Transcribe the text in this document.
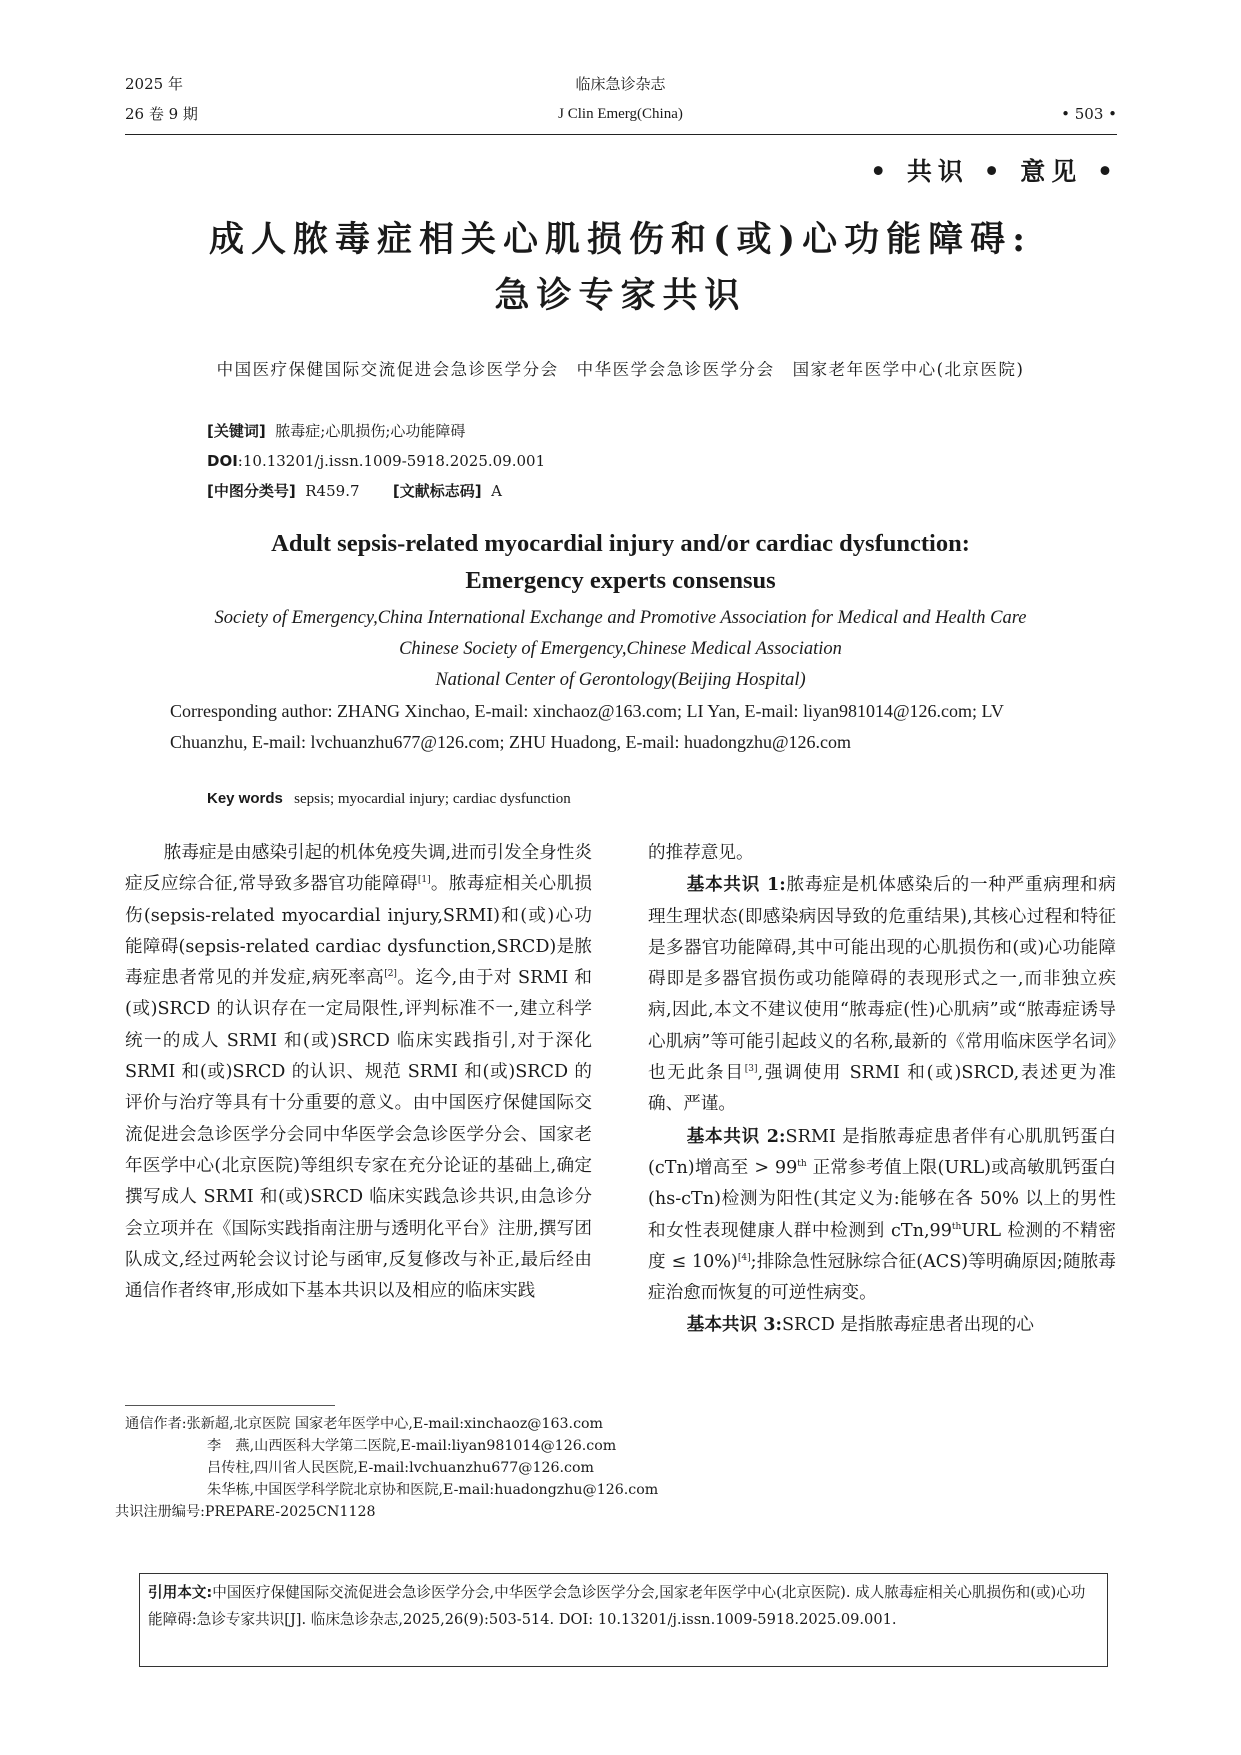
2025 年
26 卷 9 期
临床急诊杂志
J Clin Emerg(China)	• 503 •
• 共识 • 意见 •
成人脓毒症相关心肌损伤和(或)心功能障碍:
急诊专家共识
中国医疗保健国际交流促进会急诊医学分会　中华医学会急诊医学分会　国家老年医学中心(北京医院)
[关键词] 脓毒症;心肌损伤;心功能障碍
DOI:10.13201/j.issn.1009-5918.2025.09.001
[中图分类号] R459.7 [文献标志码] A
Adult sepsis-related myocardial injury and/or cardiac dysfunction:
Emergency experts consensus
Society of Emergency,China International Exchange and Promotive Association for Medical and Health Care
Chinese Society of Emergency,Chinese Medical Association
National Center of Gerontology(Beijing Hospital)
Corresponding author: ZHANG Xinchao, E-mail: xinchaoz@163.com; LI Yan, E-mail: liyan981014@126.com; LV Chuanzhu, E-mail: lvchuanzhu677@126.com; ZHU Huadong, E-mail: huadongzhu@126.com
Key words sepsis; myocardial injury; cardiac dysfunction

脓毒症是由感染引起的机体免疫失调,进而引发全身性炎症反应综合征,常导致多器官功能障碍[1]。脓毒症相关心肌损伤(sepsis-related myocardial injury,SRMI)和(或)心功能障碍(sepsis-related cardiac dysfunction,SRCD)是脓毒症患者常见的并发症,病死率高[2]。迄今,由于对 SRMI 和(或)SRCD 的认识存在一定局限性,评判标准不一,建立科学统一的成人 SRMI 和(或)SRCD 临床实践指引,对于深化 SRMI 和(或)SRCD 的认识、规范 SRMI 和(或)SRCD 的评价与治疗等具有十分重要的意义。由中国医疗保健国际交流促进会急诊医学分会同中华医学会急诊医学分会、国家老年医学中心(北京医院)等组织专家在充分论证的基础上,确定撰写成人 SRMI 和(或)SRCD 临床实践急诊共识,由急诊分会立项并在《国际实践指南注册与透明化平台》注册,撰写团队成文,经过两轮会议讨论与函审,反复修改与补正,最后经由通信作者终审,形成如下基本共识以及相应的临床实践

的推荐意见。

基本共识 1:脓毒症是机体感染后的一种严重病理和病理生理状态(即感染病因导致的危重结果),其核心过程和特征是多器官功能障碍,其中可能出现的心肌损伤和(或)心功能障碍即是多器官损伤或功能障碍的表现形式之一,而非独立疾病,因此,本文不建议使用“脓毒症(性)心肌病”或“脓毒症诱导心肌病”等可能引起歧义的名称,最新的《常用临床医学名词》也无此条目[3],强调使用 SRMI 和(或)SRCD,表述更为准确、严谨。

基本共识 2:SRMI 是指脓毒症患者伴有心肌肌钙蛋白(cTn)增高至 > 99th 正常参考值上限(URL)或高敏肌钙蛋白(hs-cTn)检测为阳性(其定义为:能够在各 50% 以上的男性和女性表现健康人群中检测到 cTn,99thURL 检测的不精密度 ≤ 10%)[4];排除急性冠脉综合征(ACS)等明确原因;随脓毒症治愈而恢复的可逆性病变。

基本共识 3:SRCD 是指脓毒症患者出现的心

通信作者:张新超,北京医院 国家老年医学中心,E-mail:xinchaoz@163.com
李　燕,山西医科大学第二医院,E-mail:liyan981014@126.com
吕传柱,四川省人民医院,E-mail:lvchuanzhu677@126.com
朱华栋,中国医学科学院北京协和医院,E-mail:huadongzhu@126.com
共识注册编号:PREPARE-2025CN1128
引用本文:中国医疗保健国际交流促进会急诊医学分会,中华医学会急诊医学分会,国家老年医学中心(北京医院). 成人脓毒症相关心肌损伤和(或)心功能障碍:急诊专家共识[J]. 临床急诊杂志,2025,26(9):503-514. DOI: 10.13201/j.issn.1009-5918.2025.09.001.
